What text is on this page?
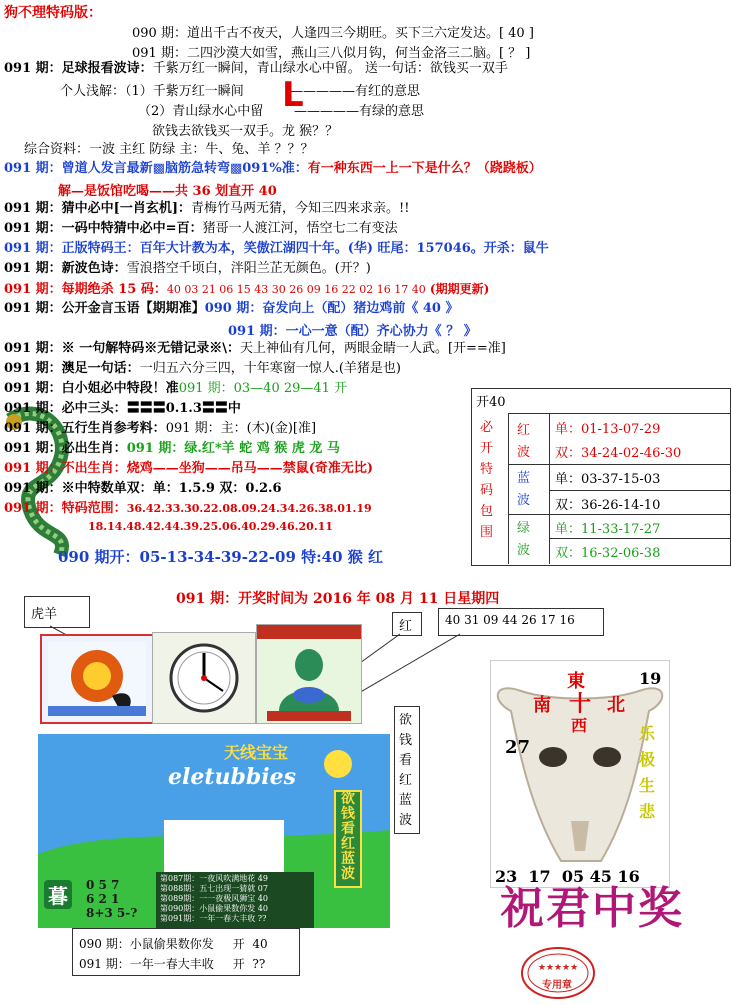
狗不理特码版：
090 期：道出千古不夜天，人逢四三今期旺。买下三六定发达。[ 40 ]
091 期：二四沙漠大如雪，燕山三八似月钩，何当金洛三二脑。[ ？ ]
091 期：足球报看波诗：千紫万红一瞬间，青山绿水心中留。 送一句话：欲钱买一双手
个人浅解：（1）千紫万红一瞬间	—————有红的意思
L
（2）青山绿水心中留 —————有绿的意思
欲钱去欲钱买一双手。龙 猴？？
综合资料：一波 主红 防绿 主：牛、兔、羊 ？？？
091 期：曾道人发言最新▩脑筋急转弯▩091%准：有一种东西一上一下是什么？（跷跷板）
解—是饭馆吃喝——共 36 划直开 40
091 期：猜中必中[一肖玄机]：青梅竹马两无猜，今知三四来求亲。!!
091 期：一码中特猜中必中=百：猪哥一人渡江河，悟空七二有变法
091 期：正版特码王：百年大计教为本，笑傲江湖四十年。(华) 旺尾：157046。开杀：鼠牛
091 期：新波色诗：雪浪搭空千顷白，泮阳兰芷无颜色。(开？)
091 期：每期绝杀 15 码：40 03 21 06 15 43 30 26 09 16 22 02 16 17 40 (期期更新)
091 期：公开金言玉语【期期准】090 期：奋发向上（配）猪边鸡前《 40 》
091 期：一心一意（配）齐心协力《 ？ 》
091 期：※ 一句解特码※无错记录※\：天上神仙有几何，两眼金睛一人武。[开==准]
091 期：澳足一句话：一归五六分三四，十年寒窗一惊人.(羊猪是也)
091 期：白小姐必中特段！准091 期：03—40 29—41 开
091 期：必中三头：〓〓〓0.1.3〓〓中
091 期：五行生肖参考料：091 期：主：(木)(金)[准]
091 期：必出生肖：091 期：绿.红*羊 蛇 鸡 猴 虎 龙 马
091 期：不出生肖：烧鸡——坐狗——吊马——禁鼠(奇准无比)
091 期：※中特数单双：单：1.5.9 双：0.2.6
091 期：特码范围：36.42.33.30.22.08.09.24.34.26.38.01.19
18.14.48.42.44.39.25.06.40.29.46.20.11
090 期开：05-13-34-39-22-09 特:40 猴 红
开40
必开特码包围
红波
单：01-13-07-29
双：34-24-02-46-30
蓝波
单：03-37-15-03
双：36-26-14-10
绿波
单：11-33-17-27
双：16-32-06-38
091 期：开奖时间为 2016 年 08 月 11 日星期四
虎羊
红	40 31 09 44 26 17 16
天线宝宝
eletubbies
暮	0 5 7
6 2 1
8+3 5-?
第087期：一夜风吹满地花 49
第088期：五七出现一猜就 07
第089期：一一夜极风狮宝 40
第090期：小鼠偷果数你发 40
第091期：一年一春大丰收 ??
欲钱看红蓝波
欲钱看红蓝波
090 期：小鼠偷果数你发     开  40
091 期：一年一春大丰收     开  ??
東
南 十 北
西
19
27
乐极生悲
23  17  05 45 16
祝君中奖
★★★★★
专用章
